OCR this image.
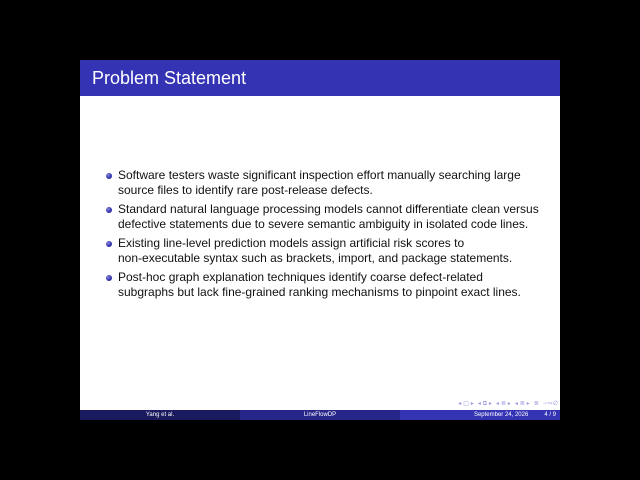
Problem Statement
Software testers waste significant inspection effort manually searching large
source files to identify rare post-release defects.
Standard natural language processing models cannot differentiate clean versus
defective statements due to severe semantic ambiguity in isolated code lines.
Existing line-level prediction models assign artificial risk scores to
non-executable syntax such as brackets, import, and package statements.
Post-hoc graph explanation techniques identify coarse defect-related
subgraphs but lack fine-grained ranking mechanisms to pinpoint exact lines.
◂ □ ▸ ◂ ⧉ ▸ ◂ ≣ ▸ ◂ ≣ ▸ ≣ ∽∾∅
Yang et al.	LineFlowDP	September 24, 2026	4 / 9
